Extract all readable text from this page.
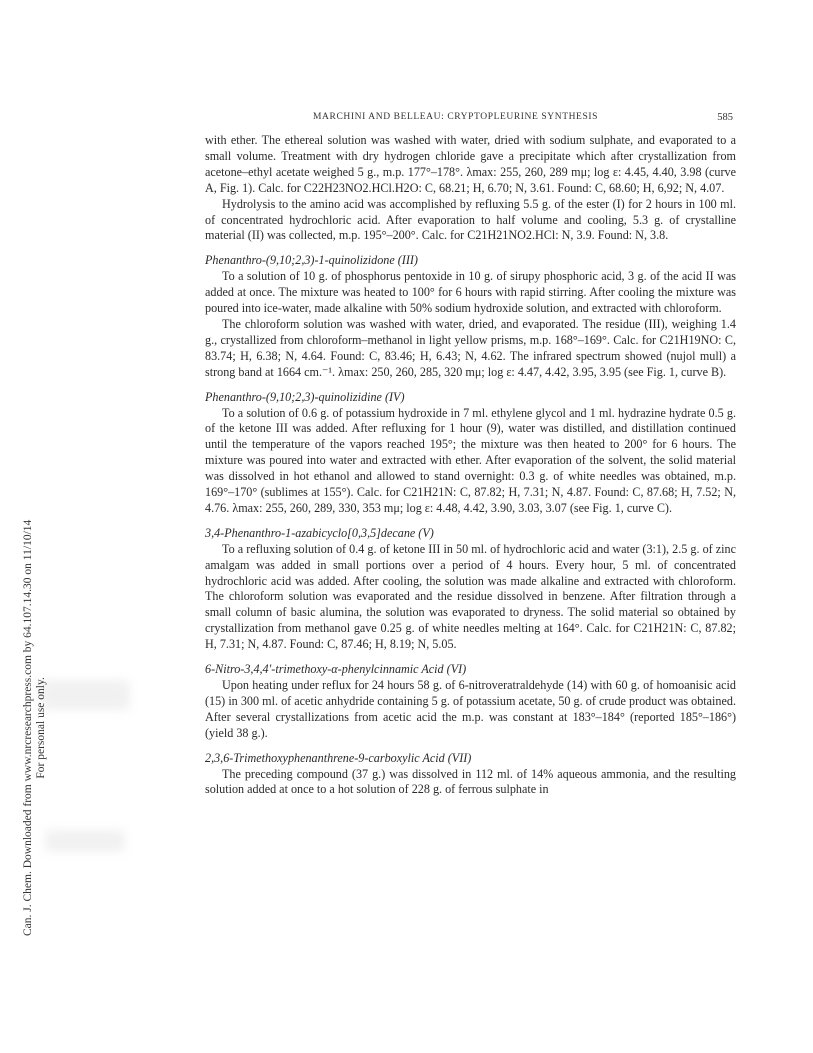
MARCHINI AND BELLEAU: CRYPTOPLEURINE SYNTHESIS	585
Can. J. Chem. Downloaded from www.nrcresearchpress.com by 64.107.14.30 on 11/10/14 For personal use only.

with ether. The ethereal solution was washed with water, dried with sodium sulphate, and evaporated to a small volume. Treatment with dry hydrogen chloride gave a precipitate which after crystallization from acetone–ethyl acetate weighed 5 g., m.p. 177°–178°. λmax: 255, 260, 289 mμ; log ε: 4.45, 4.40, 3.98 (curve A, Fig. 1). Calc. for C22H23NO2.HCl.H2O: C, 68.21; H, 6.70; N, 3.61. Found: C, 68.60; H, 6,92; N, 4.07.

Hydrolysis to the amino acid was accomplished by refluxing 5.5 g. of the ester (I) for 2 hours in 100 ml. of concentrated hydrochloric acid. After evaporation to half volume and cooling, 5.3 g. of crystalline material (II) was collected, m.p. 195°–200°. Calc. for C21H21NO2.HCl: N, 3.9. Found: N, 3.8.

Phenanthro-(9,10;2,3)-1-quinolizidone (III)

To a solution of 10 g. of phosphorus pentoxide in 10 g. of sirupy phosphoric acid, 3 g. of the acid II was added at once. The mixture was heated to 100° for 6 hours with rapid stirring. After cooling the mixture was poured into ice-water, made alkaline with 50% sodium hydroxide solution, and extracted with chloroform.

The chloroform solution was washed with water, dried, and evaporated. The residue (III), weighing 1.4 g., crystallized from chloroform–methanol in light yellow prisms, m.p. 168°–169°. Calc. for C21H19NO: C, 83.74; H, 6.38; N, 4.64. Found: C, 83.46; H, 6.43; N, 4.62. The infrared spectrum showed (nujol mull) a strong band at 1664 cm.⁻¹. λmax: 250, 260, 285, 320 mμ; log ε: 4.47, 4.42, 3.95, 3.95 (see Fig. 1, curve B).

Phenanthro-(9,10;2,3)-quinolizidine (IV)

To a solution of 0.6 g. of potassium hydroxide in 7 ml. ethylene glycol and 1 ml. hydrazine hydrate 0.5 g. of the ketone III was added. After refluxing for 1 hour (9), water was distilled, and distillation continued until the temperature of the vapors reached 195°; the mixture was then heated to 200° for 6 hours. The mixture was poured into water and extracted with ether. After evaporation of the solvent, the solid material was dissolved in hot ethanol and allowed to stand overnight: 0.3 g. of white needles was obtained, m.p. 169°–170° (sublimes at 155°). Calc. for C21H21N: C, 87.82; H, 7.31; N, 4.87. Found: C, 87.68; H, 7.52; N, 4.76. λmax: 255, 260, 289, 330, 353 mμ; log ε: 4.48, 4.42, 3.90, 3.03, 3.07 (see Fig. 1, curve C).

3,4-Phenanthro-1-azabicyclo[0,3,5]decane (V)

To a refluxing solution of 0.4 g. of ketone III in 50 ml. of hydrochloric acid and water (3:1), 2.5 g. of zinc amalgam was added in small portions over a period of 4 hours. Every hour, 5 ml. of concentrated hydrochloric acid was added. After cooling, the solution was made alkaline and extracted with chloroform. The chloroform solution was evaporated and the residue dissolved in benzene. After filtration through a small column of basic alumina, the solution was evaporated to dryness. The solid material so obtained by crystallization from methanol gave 0.25 g. of white needles melting at 164°. Calc. for C21H21N: C, 87.82; H, 7.31; N, 4.87. Found: C, 87.46; H, 8.19; N, 5.05.

6-Nitro-3,4,4′-trimethoxy-α-phenylcinnamic Acid (VI)

Upon heating under reflux for 24 hours 58 g. of 6-nitroveratraldehyde (14) with 60 g. of homoanisic acid (15) in 300 ml. of acetic anhydride containing 5 g. of potassium acetate, 50 g. of crude product was obtained. After several crystallizations from acetic acid the m.p. was constant at 183°–184° (reported 185°–186°) (yield 38 g.).

2,3,6-Trimethoxyphenanthrene-9-carboxylic Acid (VII)

The preceding compound (37 g.) was dissolved in 112 ml. of 14% aqueous ammonia, and the resulting solution added at once to a hot solution of 228 g. of ferrous sulphate in
